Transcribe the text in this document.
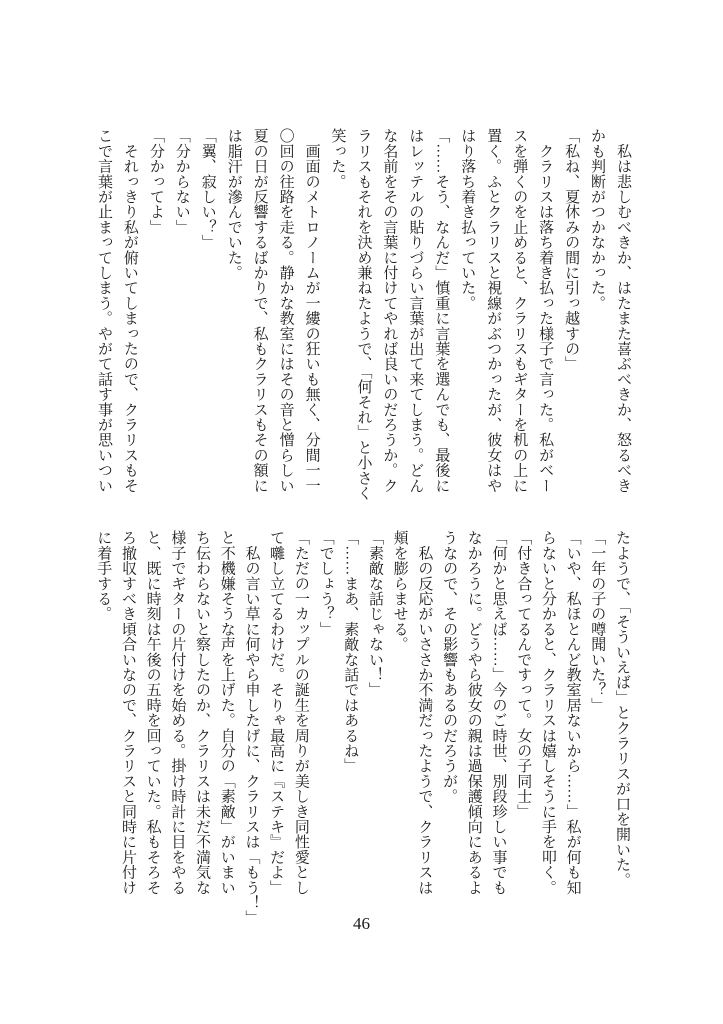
　私は悲しむべきか、はたまた喜ぶべきか、怒るべき
かも判断がつかなかった。
「私ね、夏休みの間に引っ越すの」
　クラリスは落ち着き払った様子で言った。私がベー
スを弾くのを止めると、クラリスもギターを机の上に
置く。ふとクラリスと視線がぶつかったが、彼女はや
はり落ち着き払っていた。
「……そう、なんだ」慎重に言葉を選んでも、最後に
はレッテルの貼りづらい言葉が出て来てしまう。どん
な名前をその言葉に付けてやれば良いのだろうか。ク
ラリスもそれを決め兼ねたようで、「何それ」と小さく
笑った。
　画面のメトロノームが一縷の狂いも無く、分間一一
〇回の往路を走る。静かな教室にはその音と憎らしい
夏の日が反響するばかりで、私もクラリスもその額に
は脂汗が滲んでいた。
「翼、寂しい？」
「分からない」
「分かってよ」
　それっきり私が俯いてしまったので、クラリスもそ
こで言葉が止まってしまう。やがて話す事が思いつい
たようで、「そういえば」とクラリスが口を開いた。
「一年の子の噂聞いた？」
「いや、私ほとんど教室居ないから……」私が何も知
らないと分かると、クラリスは嬉しそうに手を叩く。
「付き合ってるんですって。女の子同士」
「何かと思えば……」今のご時世、別段珍しい事でも
なかろうに。どうやら彼女の親は過保護傾向にあるよ
うなので、その影響もあるのだろうが。
　私の反応がいささか不満だったようで、クラリスは
頬を膨らませる。
「素敵な話じゃない！」
「……まあ、素敵な話ではあるね」
「でしょう？」
「ただの一カップルの誕生を周りが美しき同性愛とし
て囃し立てるわけだ。そりゃ最高に『ステキ』だよ」
　私の言い草に何やら申したげに、クラリスは「もう！」
と不機嫌そうな声を上げた。自分の「素敵」がいまい
ち伝わらないと察したのか、クラリスは未だ不満気な
様子でギターの片付けを始める。掛け時計に目をやる
と、既に時刻は午後の五時を回っていた。私もそろそ
ろ撤収すべき頃合いなので、クラリスと同時に片付け
に着手する。
46
